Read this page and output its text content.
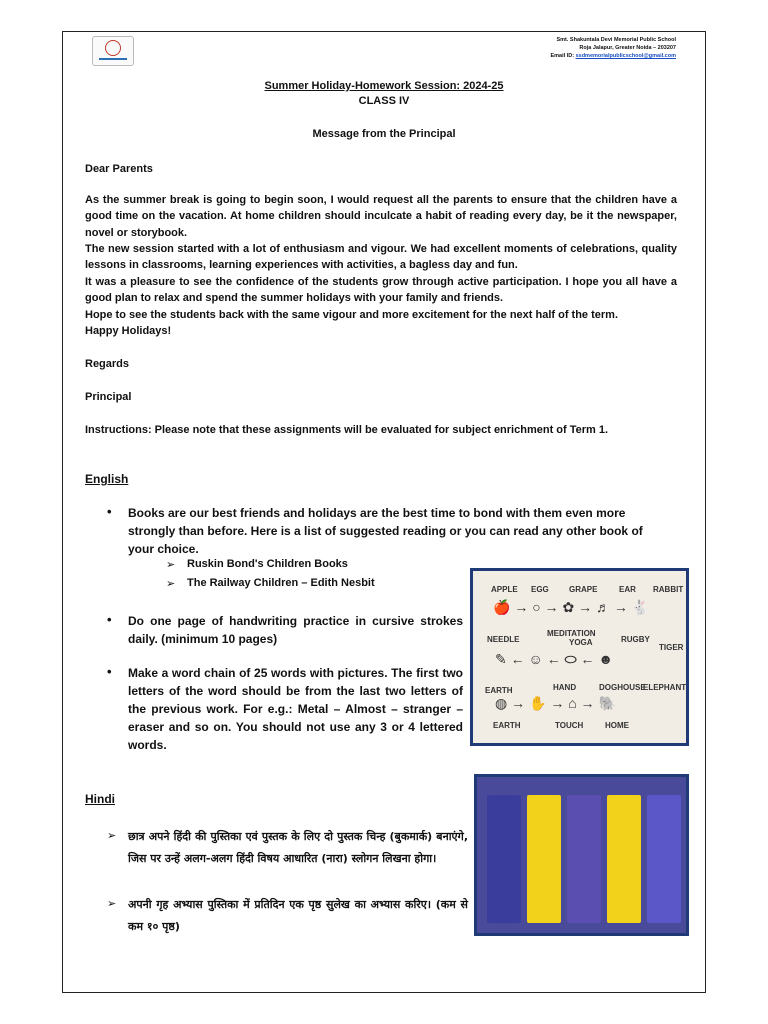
Smt. Shakuntala Devi Memorial Public School
Roja Jalapur, Greater Noida – 203207
Email ID: ssdmemorialpublicschool@gmail.com
Summer Holiday-Homework Session: 2024-25
CLASS IV
Message from the Principal
Dear Parents
As the summer break is going to begin soon, I would request all the parents to ensure that the children have a good time on the vacation. At home children should inculcate a habit of reading every day, be it the newspaper, novel or storybook.
The new session started with a lot of enthusiasm and vigour. We had excellent moments of celebrations, quality lessons in classrooms, learning experiences with activities, a bagless day and fun.
It was a pleasure to see the confidence of the students grow through active participation. I hope you all have a good plan to relax and spend the summer holidays with your family and friends.
Hope to see the students back with the same vigour and more excitement for the next half of the term.
Happy Holidays!
Regards
Principal
Instructions: Please note that these assignments will be evaluated for subject enrichment of Term 1.
English
•	Books are our best friends and holidays are the best time to bond with them even more strongly than before. Here is a list of suggested reading or you can read any other book of your choice.
➢ Ruskin Bond's Children Books
➢ The Railway Children – Edith Nesbit
•	Do one page of handwriting practice in cursive strokes daily. (minimum 10 pages)
•	Make a word chain of 25 words with pictures. The first two letters of the word should be from the last two letters of the previous work. For e.g.: Metal – Almost – stranger – eraser and so on. You should not use any 3 or 4 lettered words.
APPLE EGG	GRAPE	EAR RABBIT
🍎 → ○ → ✿ → ♬ → 🐇
NEEDLE
MEDITATION
YOGA	RUGBY
TIGER
✎ ← ☺ ← ⬭ ← ☻
EARTH	HAND	DOGHOUSE
ELEPHANT
◍ → ✋ → ⌂ → 🐘
EARTH	TOUCH	HOME
Hindi
➢ छात्र अपने हिंदी की पुस्तिका एवं पुस्तक के लिए दो पुस्तक चिन्ह (बुकमार्क) बनाएंगे, जिस पर उन्हें अलग-अलग हिंदी विषय आधारित (नारा) स्लोगन लिखना होगा।
➢ अपनी गृह अभ्यास पुस्तिका में प्रतिदिन एक पृष्ठ सुलेख का अभ्यास करिए। (कम से कम १० पृष्ठ)
